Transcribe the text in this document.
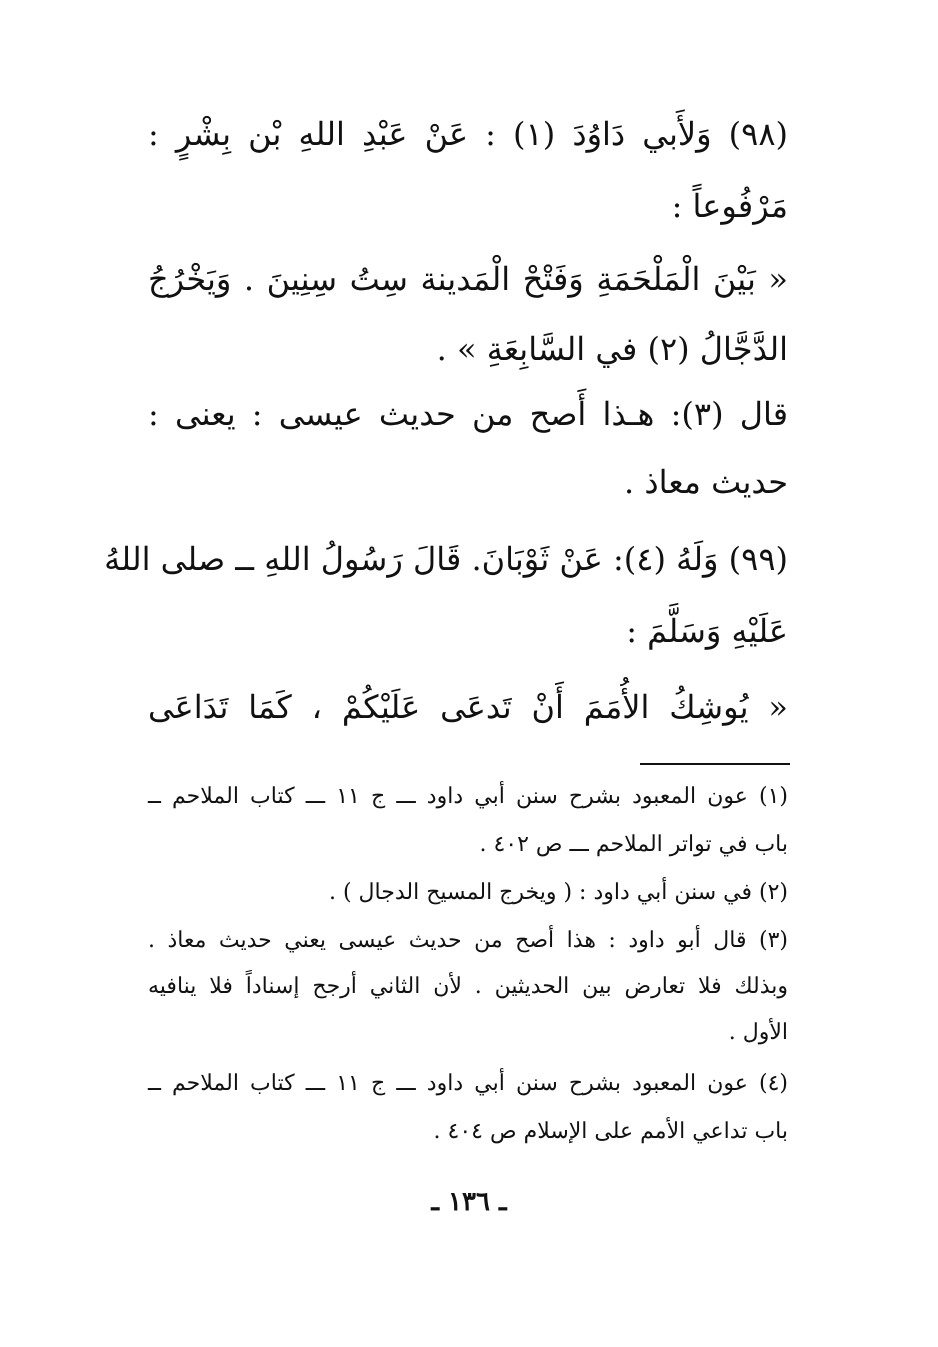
(٩٨) وَلأَبي دَاوُدَ (١) : عَنْ عَبْدِ اللهِ بْن بِشْرٍ :
مَرْفُوعاً :
« بَيْنَ الْمَلْحَمَةِ وَفَتْحْ الْمَدينة سِتُ سِنِينَ . وَيَخْرُجُ
الدَّجَّالُ (٢) في السَّابِعَةِ » .
قال (٣): هـذا أَصح من حديث عيسى : يعنى :
حديث معاذ .
(٩٩) وَلَهُ (٤): عَنْ ثَوْبَانَ. قَالَ رَسُولُ اللهِ ــ صلى اللهُ
عَلَيْهِ وَسَلَّمَ :
« يُوشِكُ الأُمَمَ أَنْ تَدعَى عَلَيْكُمْ ، كَمَا تَدَاعَى
(١) عون المعبود بشرح سنن أبي داود ـــ ج ١١ ـــ كتاب الملاحم ــ
باب في تواتر الملاحم ـــ ص ٤٠٢ .
(٢) في سنن أبي داود : ( ويخرج المسيح الدجال ) .
(٣) قال أبو داود : هذا أصح من حديث عيسى يعني حديث معاذ .
وبذلك فلا تعارض بين الحديثين . لأن الثاني أرجح إسناداً فلا ينافيه
الأول .
(٤) عون المعبود بشرح سنن أبي داود ـــ ج ١١ ـــ كتاب الملاحم ــ
باب تداعي الأمم على الإسلام ص ٤٠٤ .
ـ ١٣٦ ـ
